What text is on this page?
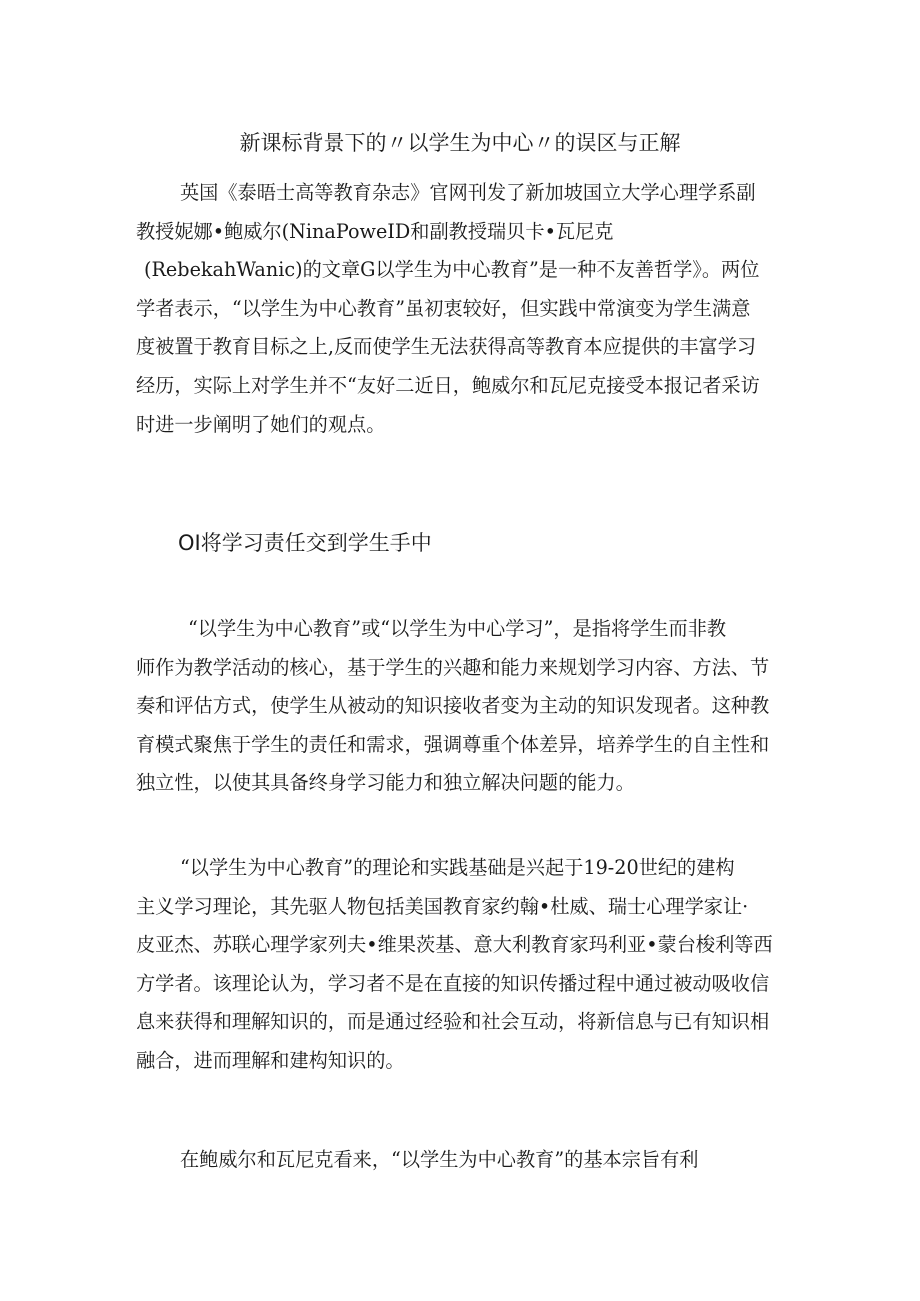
新课标背景下的〃以学生为中心〃的误区与正解
英国《泰晤士高等教育杂志》官网刊发了新加坡国立大学心理学系副
教授妮娜•鲍威尔(NinaPoweID和副教授瑞贝卡•瓦尼克
(RebekahWanic)的文章G以学生为中心教育”是一种不友善哲学》。两位
学者表示，“以学生为中心教育”虽初衷较好，但实践中常演变为学生满意
度被置于教育目标之上,反而使学生无法获得高等教育本应提供的丰富学习
经历，实际上对学生并不“友好二近日，鲍威尔和瓦尼克接受本报记者采访
时进一步阐明了她们的观点。
OI将学习责任交到学生手中
“以学生为中心教育”或“以学生为中心学习”，是指将学生而非教
师作为教学活动的核心，基于学生的兴趣和能力来规划学习内容、方法、节
奏和评估方式，使学生从被动的知识接收者变为主动的知识发现者。这种教
育模式聚焦于学生的责任和需求，强调尊重个体差异，培养学生的自主性和
独立性，以使其具备终身学习能力和独立解决问题的能力。
“以学生为中心教育”的理论和实践基础是兴起于19-20世纪的建构
主义学习理论，其先驱人物包括美国教育家约翰•杜威、瑞士心理学家让·
皮亚杰、苏联心理学家列夫•维果茨基、意大利教育家玛利亚•蒙台梭利等西
方学者。该理论认为，学习者不是在直接的知识传播过程中通过被动吸收信
息来获得和理解知识的，而是通过经验和社会互动，将新信息与已有知识相
融合，进而理解和建构知识的。
在鲍威尔和瓦尼克看来，“以学生为中心教育”的基本宗旨有利
